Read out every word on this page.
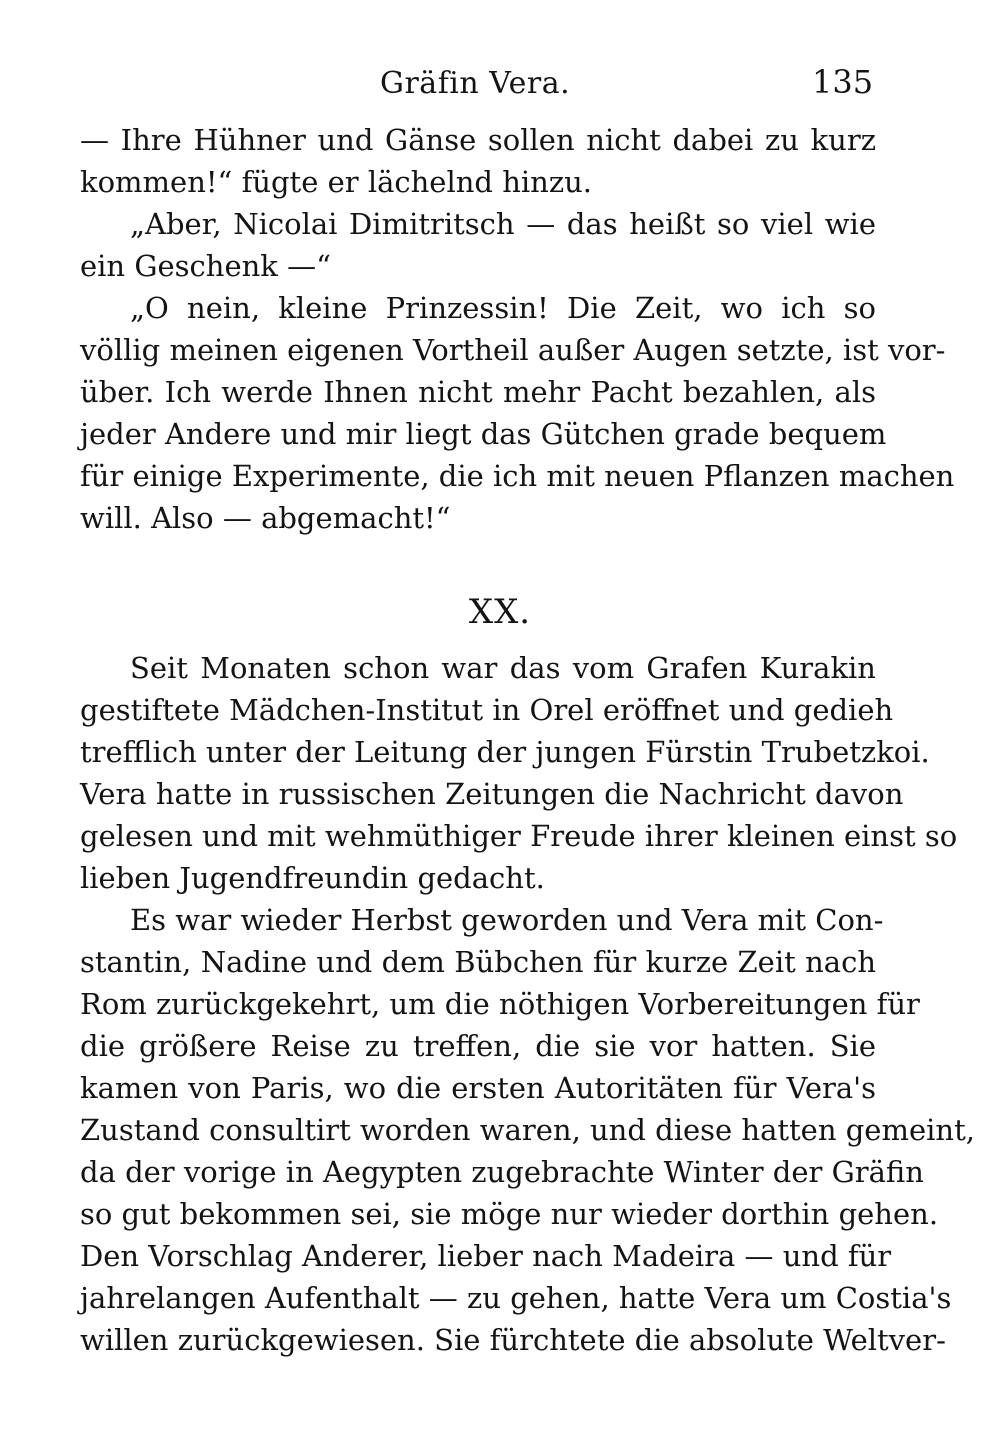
Gräfin Vera.	135
— Ihre Hühner und Gänse sollen nicht dabei zu kurz
kommen!“ fügte er lächelnd hinzu.
„Aber, Nicolai Dimitritsch — das heißt so viel wie
ein Geschenk —“
„O nein, kleine Prinzessin! Die Zeit, wo ich so
völlig meinen eigenen Vortheil außer Augen setzte, ist vor-
über. Ich werde Ihnen nicht mehr Pacht bezahlen, als
jeder Andere und mir liegt das Gütchen grade bequem
für einige Experimente, die ich mit neuen Pflanzen machen
will. Also — abgemacht!“
XX.
Seit Monaten schon war das vom Grafen Kurakin
gestiftete Mädchen-Institut in Orel eröffnet und gedieh
trefflich unter der Leitung der jungen Fürstin Trubetzkoi.
Vera hatte in russischen Zeitungen die Nachricht davon
gelesen und mit wehmüthiger Freude ihrer kleinen einst so
lieben Jugendfreundin gedacht.
Es war wieder Herbst geworden und Vera mit Con-
stantin, Nadine und dem Bübchen für kurze Zeit nach
Rom zurückgekehrt, um die nöthigen Vorbereitungen für
die größere Reise zu treffen, die sie vor hatten. Sie
kamen von Paris, wo die ersten Autoritäten für Vera's
Zustand consultirt worden waren, und diese hatten gemeint,
da der vorige in Aegypten zugebrachte Winter der Gräfin
so gut bekommen sei, sie möge nur wieder dorthin gehen.
Den Vorschlag Anderer, lieber nach Madeira — und für
jahrelangen Aufenthalt — zu gehen, hatte Vera um Costia's
willen zurückgewiesen. Sie fürchtete die absolute Weltver-
